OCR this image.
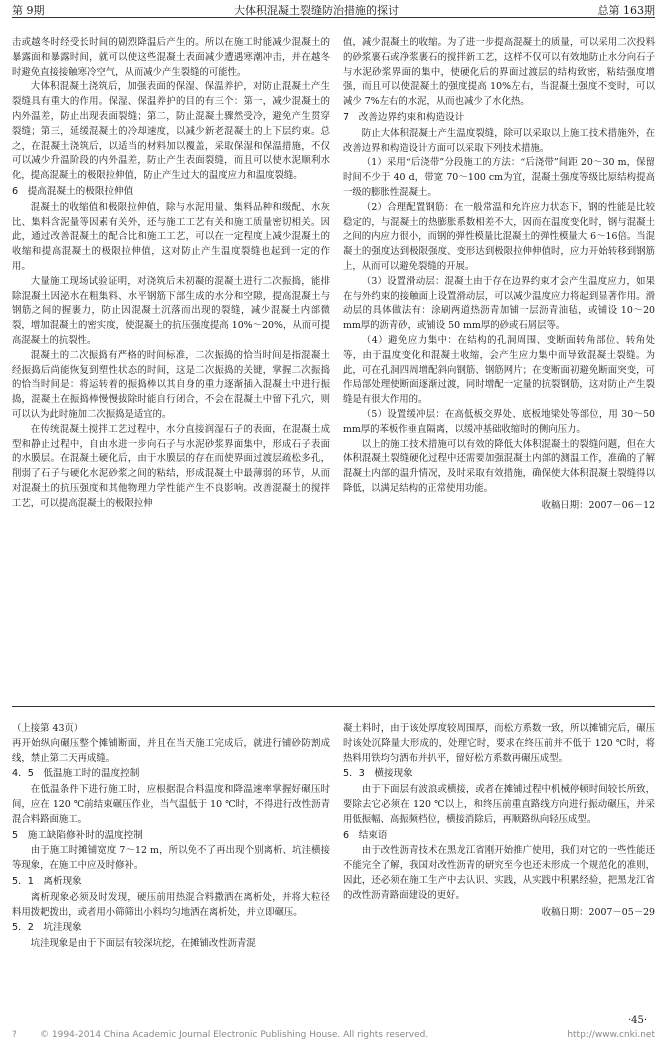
第 9期	大体积混凝土裂缝防治措施的探讨	总第 163期

击或越冬时经受长时间的剧烈降温后产生的。所以在施工时能减少混凝土的暴露面和暴露时间，就可以使这些混凝土表面减少遭遇寒潮冲击，并在越冬时避免直接接触寒冷空气，从而减少产生裂缝的可能性。

大体积混凝土浇筑后，加强表面的保湿、保温养护，对防止混凝土产生裂缝具有重大的作用。保湿、保温养护的目的有三个：第一，减少混凝土的内外温差，防止出现表面裂缝；第二，防止混凝土骤然受冷，避免产生贯穿裂缝；第三，延缓混凝土的冷却速度，以减少新老混凝土的上下层约束。总之，在混凝土浇筑后，以适当的材料加以覆盖，采取保湿和保温措施，不仅可以减少升温阶段的内外温差，防止产生表面裂缝，而且可以使水泥顺利水化，提高混凝土的极限拉伸值，防止产生过大的温度应力和温度裂缝。

6　提高混凝土的极限拉伸值

混凝土的收缩值和极限拉伸值，除与水泥用量、集料品种和级配、水灰比、集料含泥量等因素有关外，还与施工工艺有关和施工质量密切相关。因此，通过改善混凝土的配合比和施工工艺，可以在一定程度上减少混凝土的收缩和提高混凝土的极限拉伸值，这对防止产生温度裂缝也起到一定的作用。

大量施工现场试验证明，对浇筑后未初凝的混凝土进行二次振捣，能排除混凝土因泌水在粗集料、水平钢筋下部生成的水分和空隙，提高混凝土与钢筋之间的握裹力，防止因混凝土沉落而出现的裂缝，减少混凝土内部微裂，增加混凝土的密实度，使混凝土的抗压强度提高 10%～20%，从而可提高混凝土的抗裂性。

混凝土的二次振捣有严格的时间标准，二次振捣的恰当时间是指混凝土经振捣后尚能恢复到塑性状态的时间，这是二次振捣的关键，掌握二次振捣的恰当时间是：将运转着的振捣棒以其自身的重力逐渐插入混凝土中进行振捣，混凝土在振捣棒慢慢拔除时能自行闭合，不会在混凝土中留下孔穴，则可以认为此时施加二次振捣是适宜的。

在传统混凝土搅拌工艺过程中，水分直接润湿石子的表面，在混凝土成型和静止过程中，自由水进一步向石子与水泥砂浆界面集中，形成石子表面的水膜层。在混凝土硬化后，由于水膜层的存在而使界面过渡层疏松多孔，削弱了石子与硬化水泥砂浆之间的粘结，形成混凝土中最薄弱的环节，从而对混凝土的抗压强度和其他物理力学性能产生不良影响。改善混凝土的搅拌工艺，可以提高混凝土的极限拉伸

值，减少混凝土的收缩。为了进一步提高混凝土的质量，可以采用二次投料的砂浆裹石或净浆裹石的搅拌新工艺，这样不仅可以有效地防止水分向石子与水泥砂浆界面的集中，使硬化后的界面过渡层的结构致密，粘结强度增强，而且可以使混凝土的强度提高 10%左右，当混凝土强度不变时，可以减少 7%左右的水泥，从而也减少了水化热。

7　改善边界约束和构造设计

防止大体积混凝土产生温度裂缝，除可以采取以上施工技术措施外，在改善边界和构造设计方面可以采取下列技术措施。

（1）采用“后浇带”分段施工的方法：“后浇带”间距 20～30 m，保留时间不少于 40 d，带宽 70～100 cm为宜，混凝土强度等级比原结构提高一级的膨胀性混凝土。

（2）合理配置钢筋：在一般常温和允许应力状态下，钢的性能是比较稳定的，与混凝土的热膨胀系数相差不大，因而在温度变化时，钢与混凝土之间的内应力很小，而钢的弹性模量比混凝土的弹性模量大 6～16倍。当混凝土的强度达到极限强度、变形达到极限拉伸伸值时，应力开始转移到钢筋上，从而可以避免裂缝的开展。

（3）设置滑动层：混凝土由于存在边界约束才会产生温度应力，如果在与外约束的接触面上设置滑动层，可以减少温度应力将起到显著作用。滑动层的具体做法有：涂刷两道热沥青加铺一层沥青油毡，或铺设 10～20 mm厚的沥青砂，或铺设 50 mm厚的砂或石屑层等。

（4）避免应力集中：在结构的孔洞周围、变断面转角部位、转角处等，由于温度变化和混凝土收缩，会产生应力集中而导致混凝土裂缝。为此，可在孔洞四周增配斜向钢筋、钢筋网片；在变断面初避免断面突变，可作局部处理使断面逐渐过渡，同时增配一定量的抗裂钢筋，这对防止产生裂缝是有很大作用的。

（5）设置缓冲层：在高低板交界处、底板地梁处等部位，用 30～50 mm厚的苯板作垂直隔离，以缓冲基础收缩时的侧向压力。

以上的施工技术措施可以有效的降低大体积混凝土的裂缝问题，但在大体积混凝土裂缝硬化过程中还需要加强混凝土内部的测温工作，准确的了解混凝土内部的温升情况，及时采取有效措施，确保使大体积混凝土裂缝得以降低，以满足结构的正常使用功能。

收稿日期：2007－06－12

（上接第 43页）

再开始纵向碾压整个摊铺断面，并且在当天施工完成后，就进行铺砂防割成线，禁止第二天再成缝。

4．5　低温施工时的温度控制

在低温条件下进行施工时，应根据混合料温度和降温速率掌握好碾压时间，应在 120 ℃前结束碾压作业，当气温低于 10 ℃时，不得进行改性沥青混合料路面施工。

5　施工缺陷修补时的温度控制

由于施工时摊铺宽度 7～12 m，所以免不了再出现个别离析、坑洼横接等现象，在施工中应及时修补。

5．1　离析现象

离析现象必须及时发现，硬压前用热混合料撒洒在离析处，并将大粒径料用拨耙拨出，或者用小筛筛出小料均匀地洒在离析处，并立即碾压。

5．2　坑洼现象

坑洼现象是由于下面层有较深坑挖，在摊铺改性沥青混

凝土料时，由于该处厚度较周围厚，而松方系数一致，所以摊铺完后，碾压时该处沉降量大形成的，处理它时，要求在终压前并不低于 120 ℃时，将热料用铁均匀洒布并扒平，留好松方系数再碾压成型。

5．3　横接现象

由于下面层有波浪或横接，或者在摊铺过程中机械停顿时间较长所致，要除去它必须在 120 ℃以上，和终压前重直路线方向进行振动碾压，并采用低振幅、高振频档位，横接消除后，再顺路纵向轻压成型。

6　结束语

由于改性沥青技术在黑龙江省刚开始推广使用，我们对它的一些性能还不能完全了解，我国对改性沥青的研究至今也还未形成一个规范化的准则，因此，还必须在施工生产中去认识、实践，从实践中积累经验，把黑龙江省的改性沥青路面建设的更好。

收稿日期：2007－05－29

·45·
?	© 1994-2014 China Academic Journal Electronic Publishing House. All rights reserved.	http://www.cnki.net
